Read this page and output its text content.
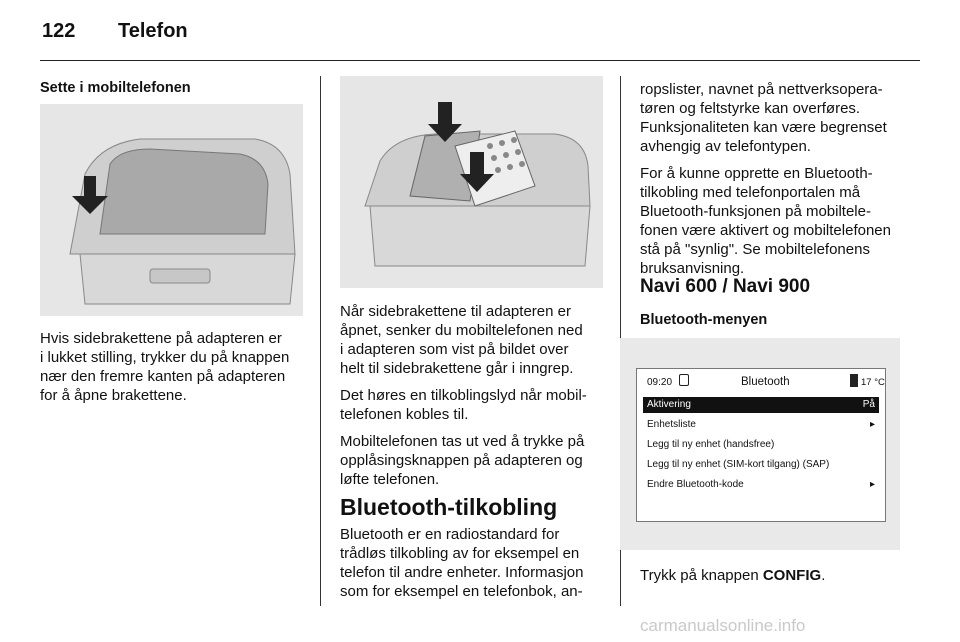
122 Telefon
Sette i mobiltelefonen
Hvis sidebrakettene på adapteren er
i lukket stilling, trykker du på knappen
nær den fremre kanten på adapteren
for å åpne brakettene.
Når sidebrakettene til adapteren er
åpnet, senker du mobiltelefonen ned
i adapteren som vist på bildet over
helt til sidebrakettene går i inngrep.
Det høres en tilkoblingslyd når mobil-
telefonen kobles til.
Mobiltelefonen tas ut ved å trykke på
opplåsingsknappen på adapteren og
løfte telefonen.
Bluetooth-tilkobling
Bluetooth er en radiostandard for
trådløs tilkobling av for eksempel en
telefon til andre enheter. Informasjon
som for eksempel en telefonbok, an-
ropslister, navnet på nettverksopera-
tøren og feltstyrke kan overføres.
Funksjonaliteten kan være begrenset
avhengig av telefontypen.
For å kunne opprette en Bluetooth-
tilkobling med telefonportalen må
Bluetooth-funksjonen på mobiltele-
fonen være aktivert og mobiltelefonen
stå på "synlig". Se mobiltelefonens
bruksanvisning.
Navi 600 / Navi 900
Bluetooth-menyen
09:20	Bluetooth	17 °C
Aktivering	På
Enhetsliste	▸
Legg til ny enhet (handsfree)
Legg til ny enhet (SIM-kort tilgang) (SAP)
Endre Bluetooth-kode	▸
Trykk på knappen CONFIG.
carmanualsonline.info
